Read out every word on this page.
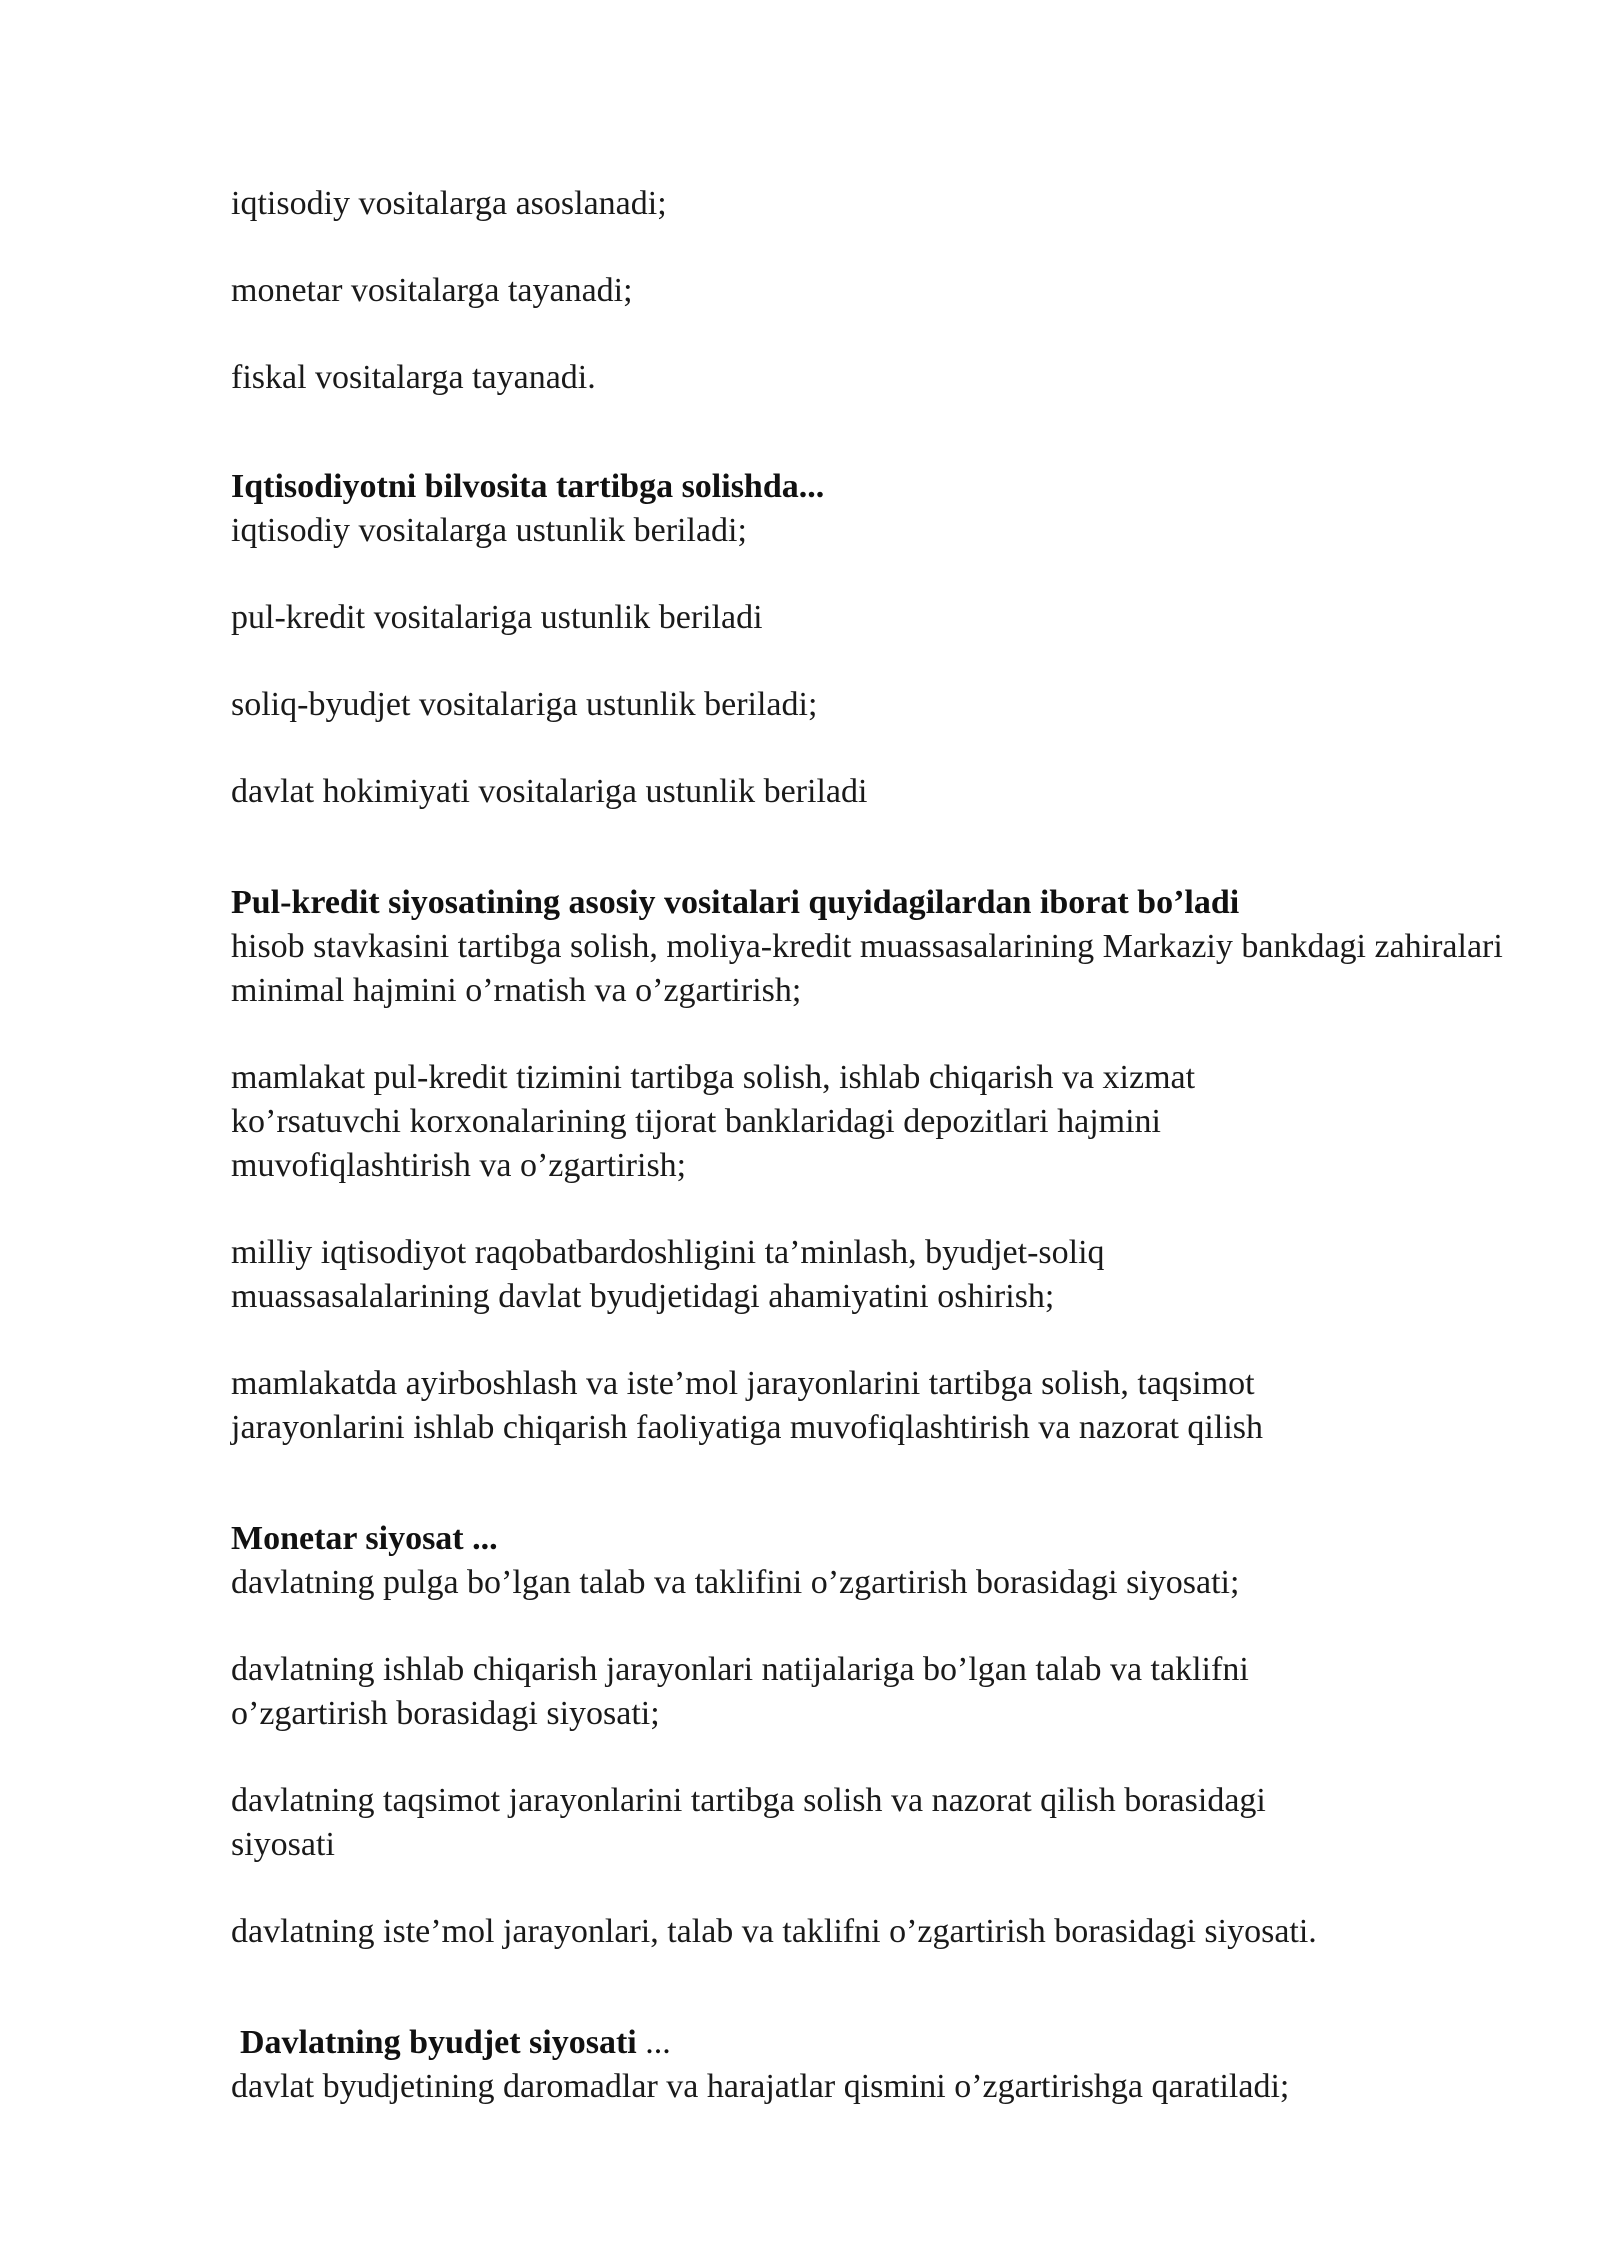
iqtisodiy vositalarga asoslanadi;

monetar vositalarga tayanadi;

fiskal vositalarga tayanadi.

Iqtisodiyotni bilvosita tartibga solishda...

iqtisodiy vositalarga ustunlik beriladi;

pul-kredit vositalariga ustunlik beriladi

soliq-byudjet vositalariga ustunlik beriladi;

davlat hokimiyati vositalariga ustunlik beriladi

Pul-kredit siyosatining asosiy vositalari quyidagilardan iborat bo’ladi

hisob stavkasini tartibga solish, moliya-kredit muassasalarining Markaziy bankdagi zahiralari minimal hajmini o’rnatish va o’zgartirish;

mamlakat pul-kredit tizimini tartibga solish, ishlab chiqarish va xizmat ko’rsatuvchi korxonalarining tijorat banklaridagi depozitlari hajmini muvofiqlashtirish va o’zgartirish;

milliy iqtisodiyot raqobatbardoshligini ta’minlash, byudjet-soliq muassasalalarining davlat byudjetidagi ahamiyatini oshirish;

mamlakatda ayirboshlash va iste’mol jarayonlarini tartibga solish, taqsimot jarayonlarini ishlab chiqarish faoliyatiga muvofiqlashtirish va nazorat qilish

Monetar siyosat ...

davlatning pulga bo’lgan talab va taklifini o’zgartirish borasidagi siyosati;

davlatning ishlab chiqarish jarayonlari natijalariga bo’lgan talab va taklifni o’zgartirish borasidagi siyosati;

davlatning taqsimot jarayonlarini tartibga solish va nazorat qilish borasidagi siyosati

davlatning iste’mol jarayonlari, talab va taklifni o’zgartirish borasidagi siyosati.

Davlatning byudjet siyosati ...

davlat byudjetining daromadlar va harajatlar qismini o’zgartirishga qaratiladi;
